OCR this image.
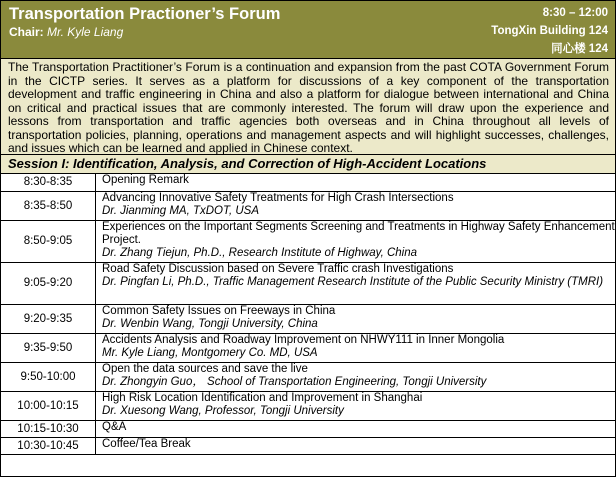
Transportation Practioner’s Forum
Chair: Mr. Kyle Liang
8:30 – 12:00
TongXin Building 124
同心楼 124
The Transportation Practitioner’s Forum is a continuation and expansion from the past COTA Government Forum in the CICTP series. It serves as a platform for discussions of a key component of the transportation development and traffic engineering in China and also a platform for dialogue between international and China on critical and practical issues that are commonly interested. The forum will draw upon the experience and lessons from transportation and traffic agencies both overseas and in China throughout all levels of transportation policies, planning, operations and management aspects and will highlight successes, challenges, and issues which can be learned and applied in Chinese context.
Session I: Identification, Analysis, and Correction of High-Accident Locations
8:30-8:35	Opening Remark

8:35-8:50	Advancing Innovative Safety Treatments for High Crash Intersections
Dr. Jianming MA, TxDOT, USA

8:50-9:05	Experiences on the Important Segments Screening and Treatments in Highway Safety Enhancement Project.
Dr. Zhang Tiejun, Ph.D., Research Institute of Highway, China

9:05-9:20	Road Safety Discussion based on Severe Traffic crash Investigations
Dr. Pingfan Li, Ph.D., Traffic Management Research Institute of the Public Security Ministry (TMRI)

9:20-9:35	Common Safety Issues on Freeways in China
Dr. Wenbin Wang, Tongji University, China

9:35-9:50	Accidents Analysis and Roadway Improvement on NHWY111 in Inner Mongolia
Mr. Kyle Liang, Montgomery Co. MD, USA

9:50-10:00	Open the data sources and save the live
Dr. Zhongyin Guo， School of Transportation Engineering, Tongji University

10:00-10:15	High Risk Location Identification and Improvement in Shanghai
Dr. Xuesong Wang, Professor, Tongji University

10:15-10:30	Q&A

10:30-10:45	Coffee/Tea Break
